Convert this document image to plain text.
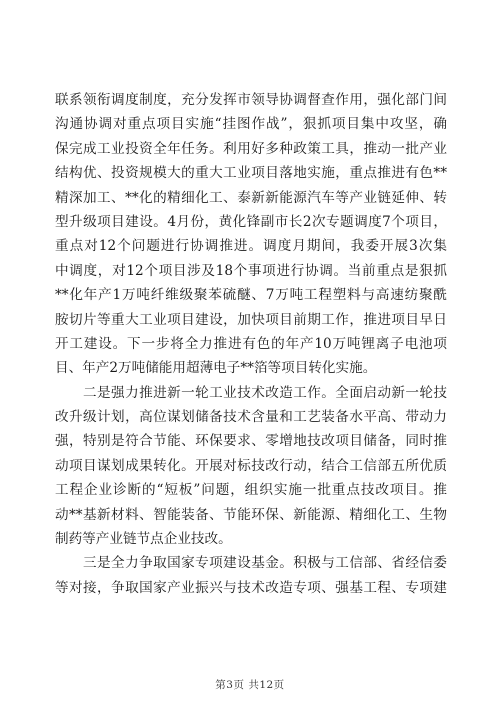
联系领衔调度制度，充分发挥市领导协调督查作用，强化部门间
沟通协调对重点项目实施“挂图作战”，狠抓项目集中攻坚，确
保完成工业投资全年任务。利用好多种政策工具，推动一批产业
结构优、投资规模大的重大工业项目落地实施，重点推进有色**
精深加工、**化的精细化工、泰新新能源汽车等产业链延伸、转
型升级项目建设。4月份，黄化锋副市长2次专题调度7个项目，
重点对12个问题进行协调推进。调度月期间，我委开展3次集
中调度，对12个项目涉及18个事项进行协调。当前重点是狠抓
**化年产1万吨纤维级聚苯硫醚、7万吨工程塑料与高速纺聚酰
胺切片等重大工业项目建设，加快项目前期工作，推进项目早日
开工建设。下一步将全力推进有色的年产10万吨锂离子电池项
目、年产2万吨储能用超薄电子**箔等项目转化实施。
　　二是强力推进新一轮工业技术改造工作。全面启动新一轮技
改升级计划，高位谋划储备技术含量和工艺装备水平高、带动力
强，特别是符合节能、环保要求、零增地技改项目储备，同时推
动项目谋划成果转化。开展对标技改行动，结合工信部五所优质
工程企业诊断的“短板”问题，组织实施一批重点技改项目。推
动**基新材料、智能装备、节能环保、新能源、精细化工、生物
制药等产业链节点企业技改。
　　三是全力争取国家专项建设基金。积极与工信部、省经信委
等对接，争取国家产业振兴与技术改造专项、强基工程、专项建
第3页 共12页
